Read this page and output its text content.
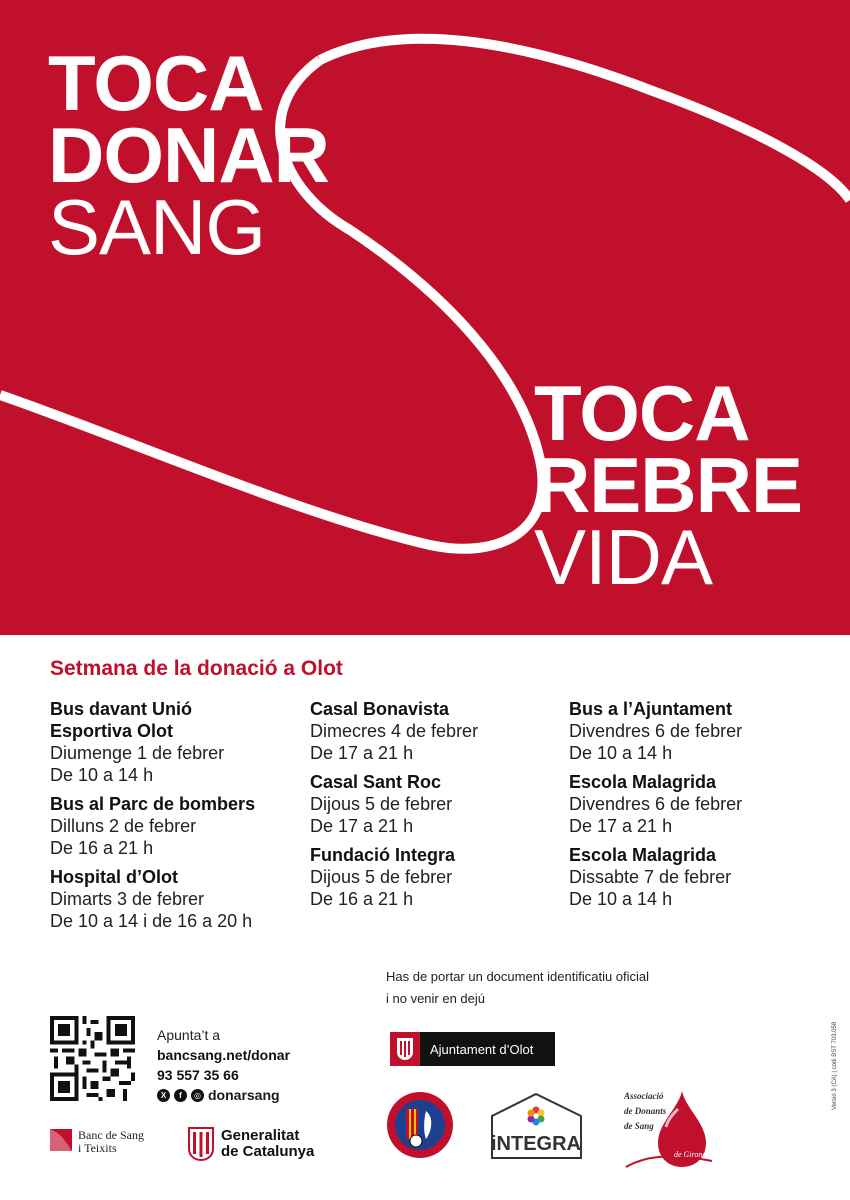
TOCA
DONAR
SANG
TOCA
REBRE
VIDA
Setmana de la donació a Olot
Bus davant Unió Esportiva Olot
Diumenge 1 de febrer
De 10 a 14 h
Bus al Parc de bombers
Dilluns 2 de febrer
De 16 a 21 h
Hospital d’Olot
Dimarts 3 de febrer
De 10 a 14 i de 16 a 20 h
Casal Bonavista
Dimecres 4 de febrer
De 17 a 21 h
Casal Sant Roc
Dijous 5 de febrer
De 17 a 21 h
Fundació Integra
Dijous 5 de febrer
De 16 a 21 h
Bus a l’Ajuntament
Divendres 6 de febrer
De 10 a 14 h
Escola Malagrida
Divendres 6 de febrer
De 17 a 21 h
Escola Malagrida
Dissabte 7 de febrer
De 10 a 14 h
Has de portar un document identificatiu oficial
i no venir en dejú
Apunta’t a
bancsang.net/donar
93 557 35 66
X	f	◎ donarsang
Banc de Sang
i Teixits
Generalitat
de Catalunya
Ajuntament d’Olot
iNTEGRA
Associació
de Donants
de Sang
de Girona
Versió 3 (CA) | codi BST 703.058
